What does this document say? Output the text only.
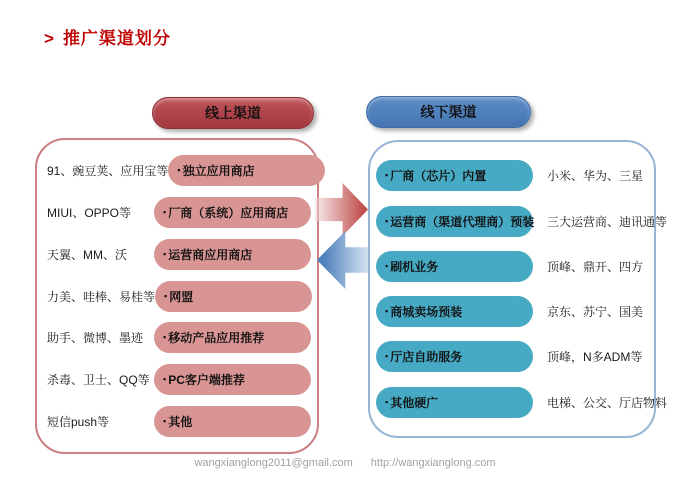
> 推广渠道划分
线上渠道	线下渠道
91、豌豆荚、应用宝等 ▪ 独立应用商店
MIUI、OPPO等	▪ 厂商（系统）应用商店
天翼、MM、沃	▪ 运营商应用商店
力美、哇棒、易桂等 ▪ 网盟
助手、微博、墨迹	▪ 移动产品应用推荐
杀毒、卫士、QQ等	▪ PC客户端推荐
短信push等	▪ 其他
▪ 厂商（芯片）内置	小米、华为、三星
▪ 运营商（渠道代理商）预装	三大运营商、迪讯通等
▪ 刷机业务	顶峰、鼎开、四方
▪ 商城卖场预装	京东、苏宁、国美
▪ 厅店自助服务	顶峰，N多ADM等
▪ 其他硬广	电梯、公交、厅店物料
wangxianglong2011@gmail.com http://wangxianglong.com
